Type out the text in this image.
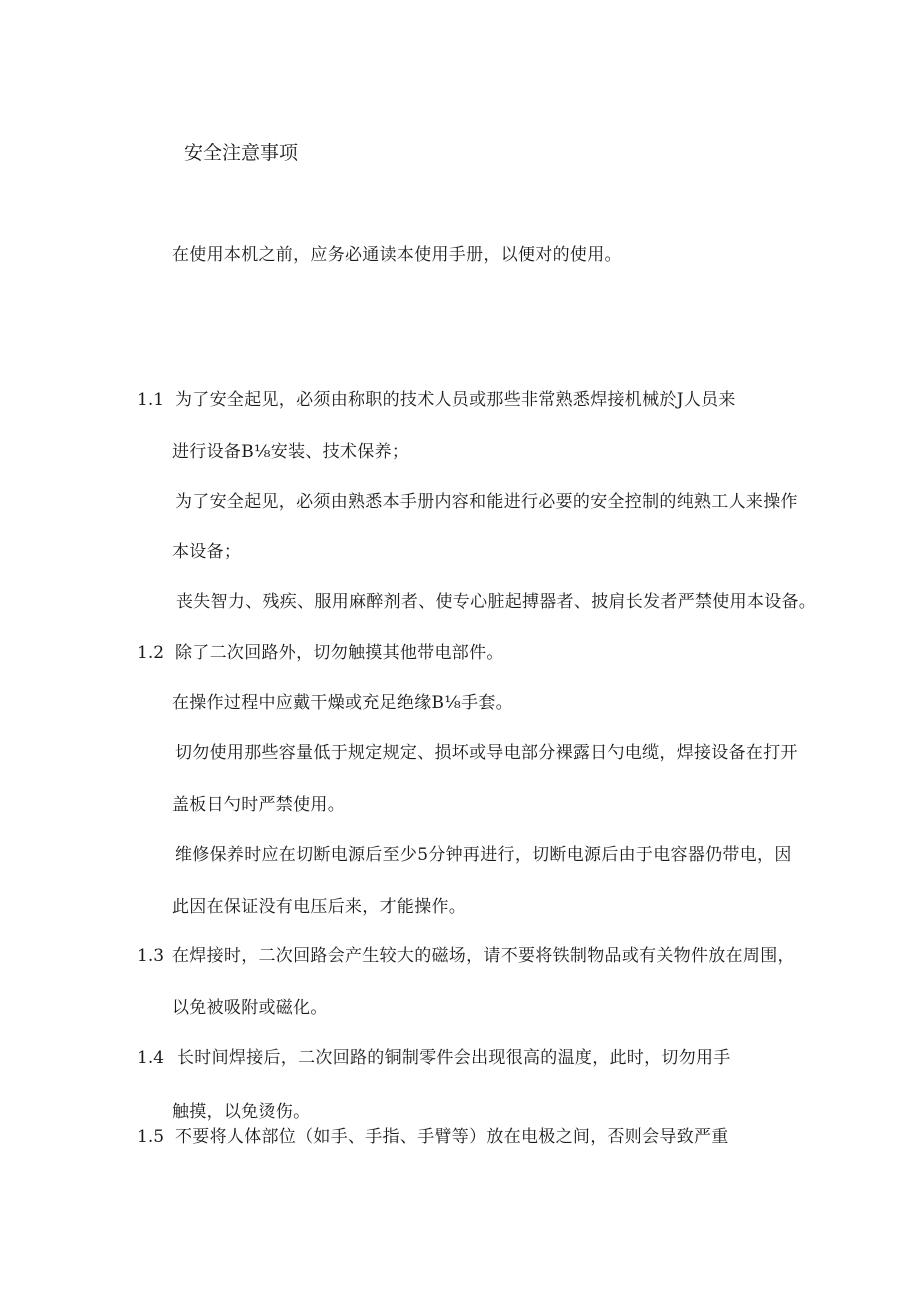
安全注意事项
在使用本机之前，应务必通读本使用手册，以便对的使用。
1.1 为了安全起见，必须由称职的技术人员或那些非常熟悉焊接机械於J人员来
进行设备B⅛安装、技术保养；
为了安全起见，必须由熟悉本手册内容和能进行必要的安全控制的纯熟工人来操作
本设备；
丧失智力、残疾、服用麻醉剂者、使专心脏起搏器者、披肩长发者严禁使用本设备。
1.2 除了二次回路外，切勿触摸其他带电部件。
在操作过程中应戴干燥或充足绝缘B⅛手套。
切勿使用那些容量低于规定规定、损坏或导电部分裸露日勺电缆，焊接设备在打开
盖板日勺时严禁使用。
维修保养时应在切断电源后至少5分钟再进行，切断电源后由于电容器仍带电，因
此因在保证没有电压后来，才能操作。
1.3 在焊接时，二次回路会产生较大的磁场，请不要将铁制物品或有关物件放在周围，
以免被吸附或磁化。
1.4 长时间焊接后，二次回路的铜制零件会出现很高的温度，此时，切勿用手
触摸，以免烫伤。
1.5 不要将人体部位（如手、手指、手臂等）放在电极之间，否则会导致严重
